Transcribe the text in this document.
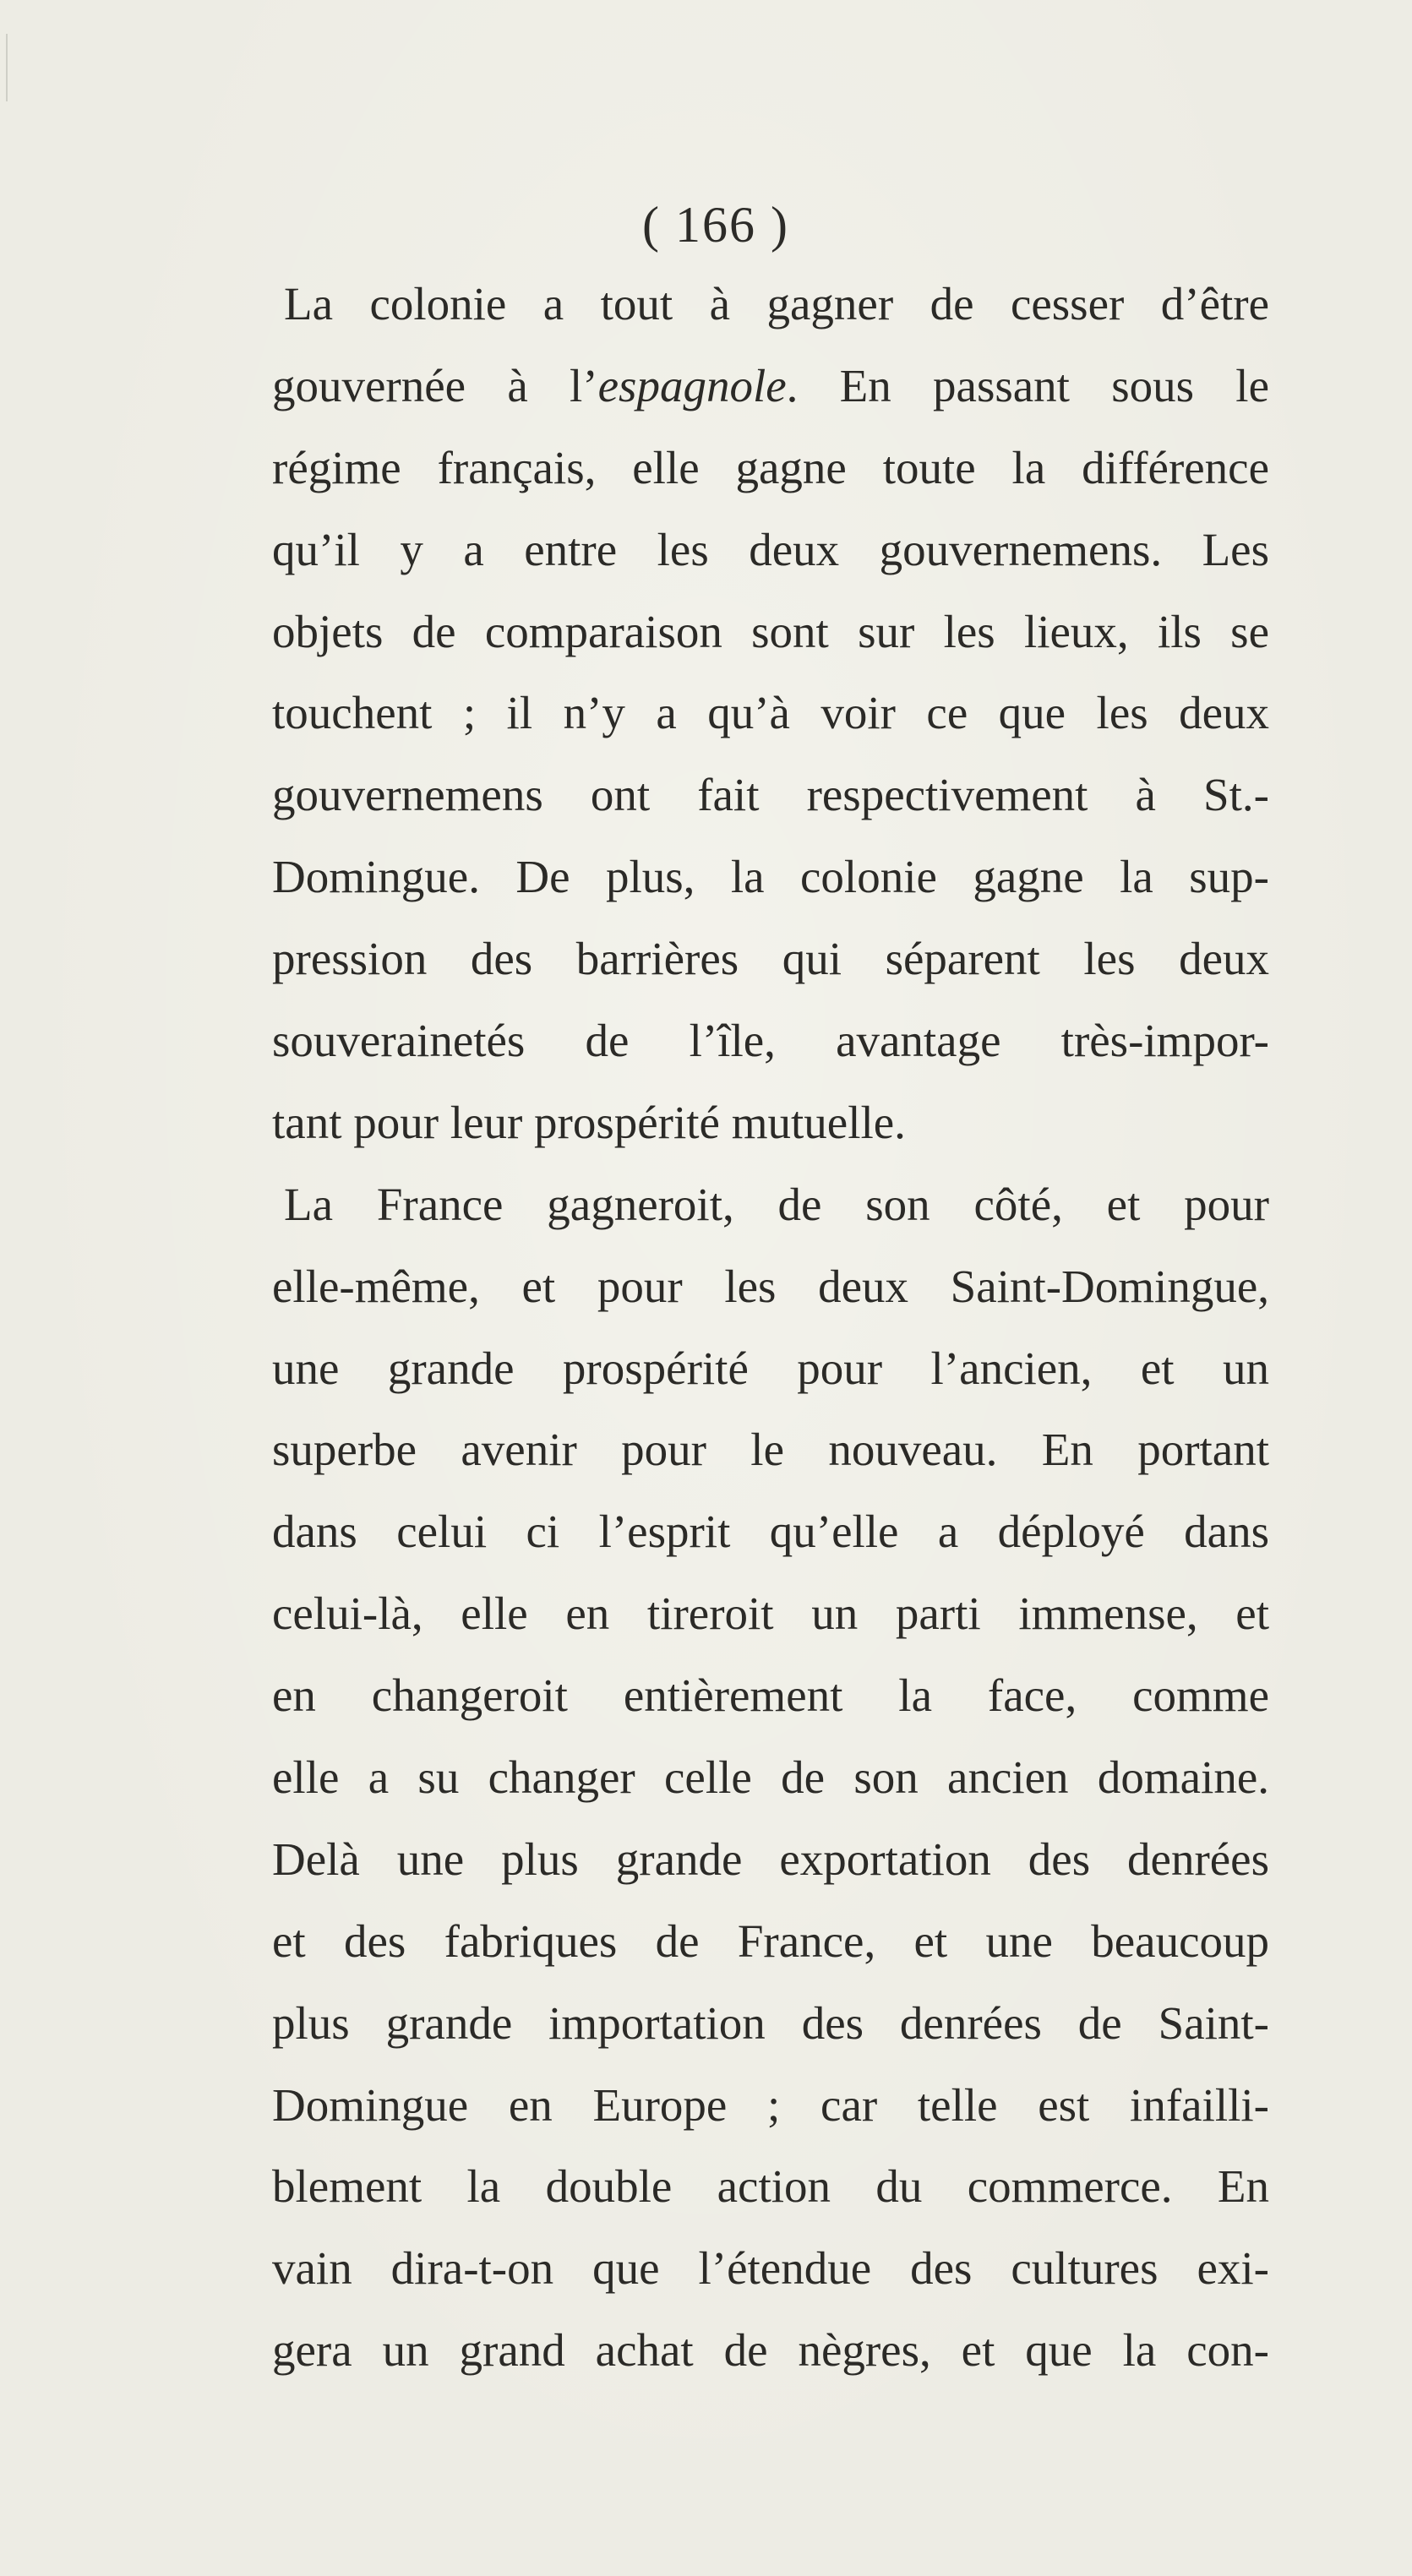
( 166 )
La colonie a tout à gagner de cesser d’être
gouvernée à l’espagnole. En passant sous le
régime français, elle gagne toute la différence
qu’il y a entre les deux gouvernemens. Les
objets de comparaison sont sur les lieux, ils se
touchent ; il n’y a qu’à voir ce que les deux
gouvernemens ont fait respectivement à St.-
Domingue. De plus, la colonie gagne la sup-
pression des barrières qui séparent les deux
souverainetés de l’île, avantage très-impor-
tant pour leur prospérité mutuelle.
La France gagneroit, de son côté, et pour
elle-même, et pour les deux Saint-Domingue,
une grande prospérité pour l’ancien, et un
superbe avenir pour le nouveau. En portant
dans celui ci l’esprit qu’elle a déployé dans
celui-là, elle en tireroit un parti immense, et
en changeroit entièrement la face, comme
elle a su changer celle de son ancien domaine.
Delà une plus grande exportation des denrées
et des fabriques de France, et une beaucoup
plus grande importation des denrées de Saint-
Domingue en Europe ; car telle est infailli-
blement la double action du commerce. En
vain dira-t-on que l’étendue des cultures exi-
gera un grand achat de nègres, et que la con-
